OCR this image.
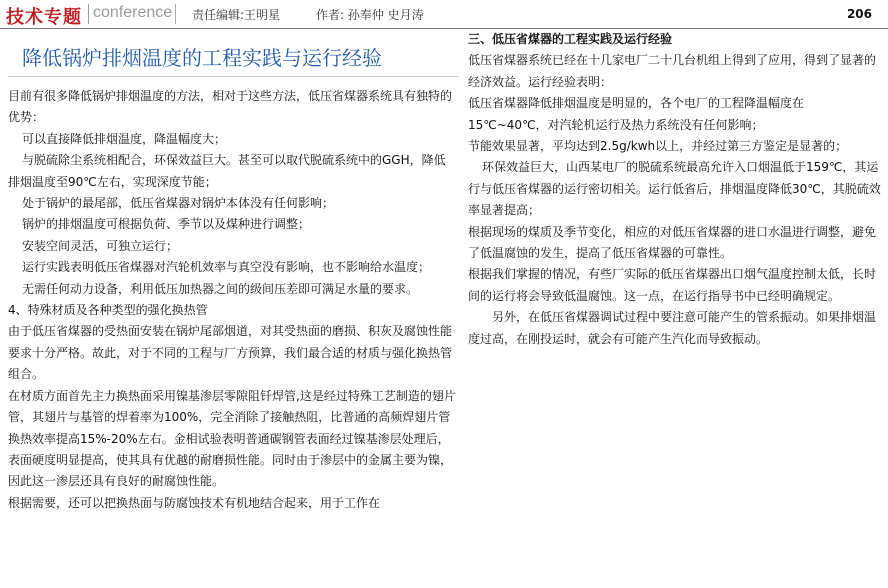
技术专题 conference 责任编辑:王明星	作者: 孙奉仲 史月涛	206
降低锅炉排烟温度的工程实践与运行经验

目前有很多降低锅炉排烟温度的方法，相对于这些方法，低压省煤器系统具有独特的优势：

可以直接降低排烟温度，降温幅度大；

与脱硫除尘系统相配合，环保效益巨大。甚至可以取代脱硫系统中的GGH，降低排烟温度至90℃左右，实现深度节能；

处于锅炉的最尾部，低压省煤器对锅炉本体没有任何影响；

锅炉的排烟温度可根据负荷、季节以及煤种进行调整；

安装空间灵活，可独立运行；

运行实践表明低压省煤器对汽轮机效率与真空没有影响，也不影响给水温度；

无需任何动力设备，利用低压加热器之间的级间压差即可满足水量的要求。

4、特殊材质及各种类型的强化换热管

由于低压省煤器的受热面安装在锅炉尾部烟道，对其受热面的磨损、积灰及腐蚀性能要求十分严格。故此，对于不同的工程与厂方预算，我们最合适的材质与强化换热管组合。

在材质方面首先主力换热面采用镍基渗层零隙阻钎焊管,这是经过特殊工艺制造的翅片管，其翅片与基管的焊着率为100%，完全消除了接触热阻，比普通的高频焊翅片管换热效率提高15%-20%左右。金相试验表明普通碳钢管表面经过镍基渗层处理后，表面硬度明显提高，使其具有优越的耐磨损性能。同时由于渗层中的金属主要为镍，因此这一渗层还具有良好的耐腐蚀性能。

根据需要，还可以把换热面与防腐蚀技术有机地结合起来，用于工作在

三、低压省煤器的工程实践及运行经验

低压省煤器系统已经在十几家电厂二十几台机组上得到了应用，得到了显著的经济效益。运行经验表明：

低压省煤器降低排烟温度是明显的，各个电厂的工程降温幅度在15℃~40℃，对汽轮机运行及热力系统没有任何影响；

节能效果显著，平均达到2.5g/kwh以上，并经过第三方鉴定是显著的；

环保效益巨大，山西某电厂的脱硫系统最高允许入口烟温低于159℃，其运行与低压省煤器的运行密切相关。运行低省后，排烟温度降低30℃，其脱硫效率显著提高；

根据现场的煤质及季节变化，相应的对低压省煤器的进口水温进行调整，避免了低温腐蚀的发生，提高了低压省煤器的可靠性。

根据我们掌握的情况，有些厂实际的低压省煤器出口烟气温度控制太低，长时间的运行将会导致低温腐蚀。这一点，在运行指导书中已经明确规定。

另外，在低压省煤器调试过程中要注意可能产生的管系振动。如果排烟温度过高，在刚投运时，就会有可能产生汽化而导致振动。
